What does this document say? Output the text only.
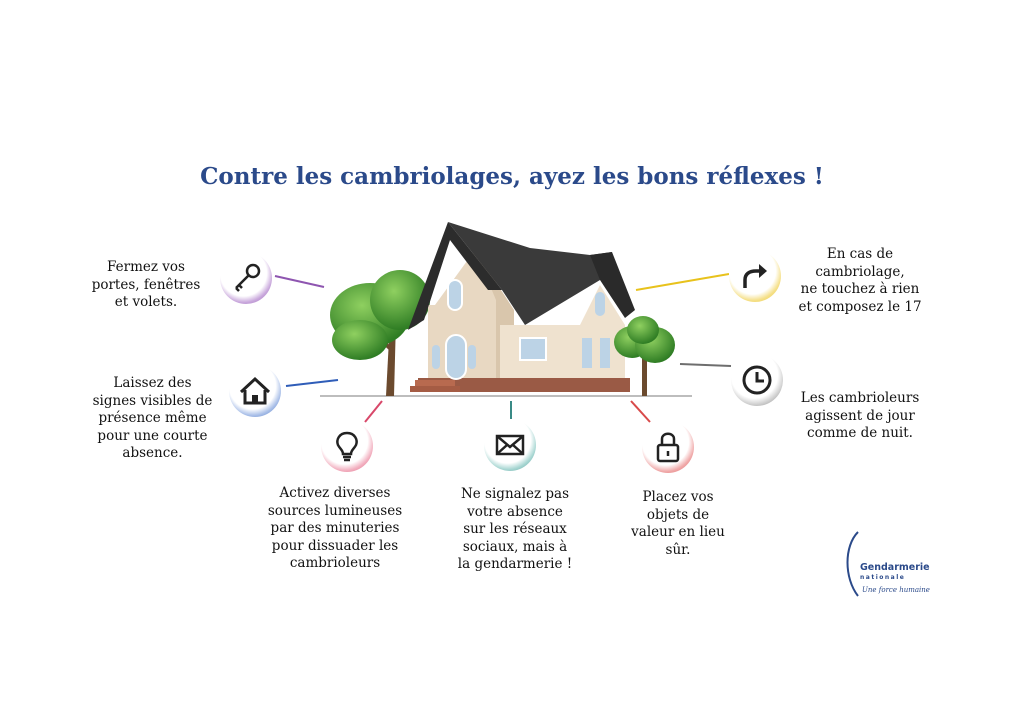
Contre les cambriolages, ayez les bons réflexes !
Fermez vos
portes, fenêtres
et volets.
Laissez des
signes visibles de
présence même
pour une courte
absence.
Activez diverses
sources lumineuses
par des minuteries
pour dissuader les
cambrioleurs
Ne signalez pas
votre absence
sur les réseaux
sociaux, mais à
la gendarmerie !
Placez vos
objets de
valeur en lieu
sûr.
En cas de
cambriolage,
ne touchez à rien
et composez le 17
Les cambrioleurs
agissent de jour
comme de nuit.
Gendarmerie
nationale
Une force humaine
